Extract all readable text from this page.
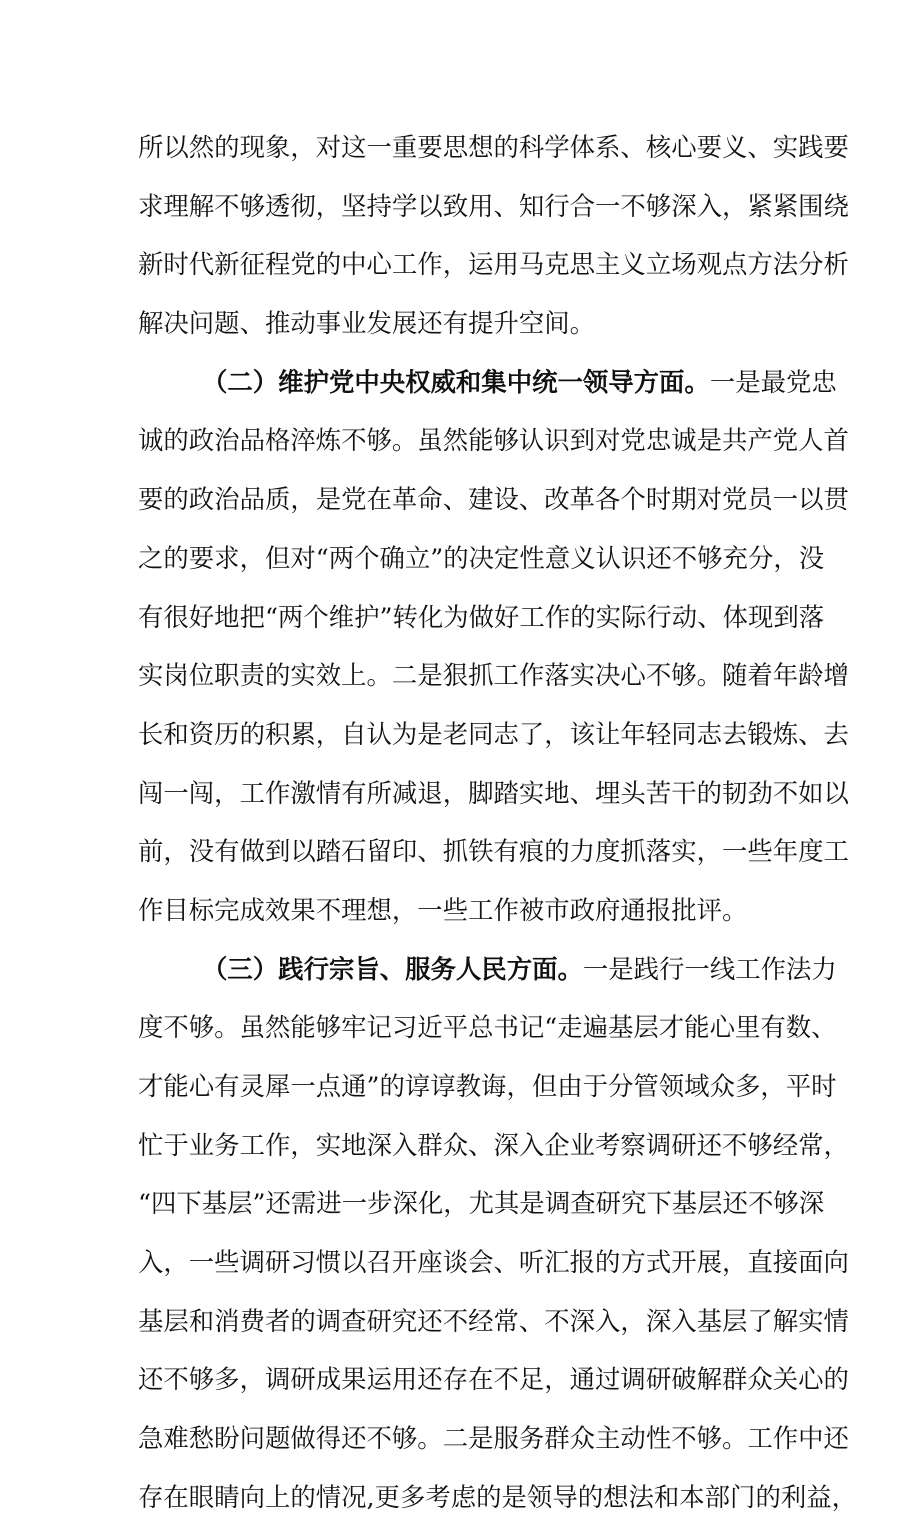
所以然的现象，对这一重要思想的科学体系、核心要义、实践要
求理解不够透彻，坚持学以致用、知行合一不够深入，紧紧围绕
新时代新征程党的中心工作，运用马克思主义立场观点方法分析
解决问题、推动事业发展还有提升空间。
（二）维护党中央权威和集中统一领导方面。一是最党忠
诚的政治品格淬炼不够。虽然能够认识到对党忠诚是共产党人首
要的政治品质，是党在革命、建设、改革各个时期对党员一以贯
之的要求，但对“两个确立”的决定性意义认识还不够充分，没
有很好地把“两个维护”转化为做好工作的实际行动、体现到落
实岗位职责的实效上。二是狠抓工作落实决心不够。随着年龄增
长和资历的积累，自认为是老同志了，该让年轻同志去锻炼、去
闯一闯，工作激情有所减退，脚踏实地、埋头苦干的韧劲不如以
前，没有做到以踏石留印、抓铁有痕的力度抓落实，一些年度工
作目标完成效果不理想，一些工作被市政府通报批评。
（三）践行宗旨、服务人民方面。一是践行一线工作法力
度不够。虽然能够牢记习近平总书记“走遍基层才能心里有数、
才能心有灵犀一点通”的谆谆教诲，但由于分管领域众多，平时
忙于业务工作，实地深入群众、深入企业考察调研还不够经常，
“四下基层”还需进一步深化，尤其是调查研究下基层还不够深
入，一些调研习惯以召开座谈会、听汇报的方式开展，直接面向
基层和消费者的调查研究还不经常、不深入，深入基层了解实情
还不够多，调研成果运用还存在不足，通过调研破解群众关心的
急难愁盼问题做得还不够。二是服务群众主动性不够。工作中还
存在眼睛向上的情况,更多考虑的是领导的想法和本部门的利益，
